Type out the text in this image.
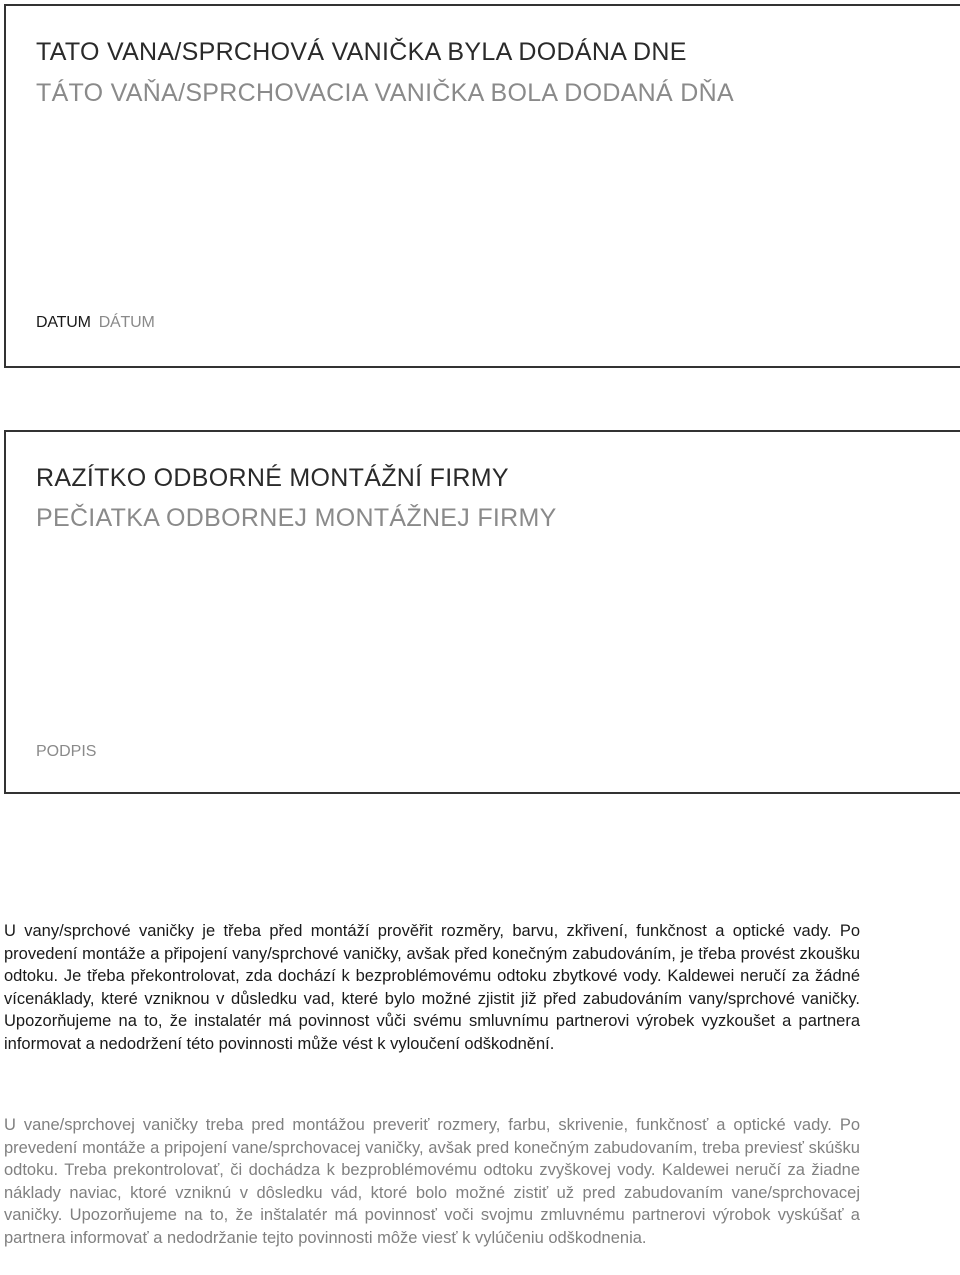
TATO VANA/SPRCHOVÁ VANIČKA BYLA DODÁNA DNE
TÁTO VAŇA/SPRCHOVACIA VANIČKA BOLA DODANÁ DŇA
DATUM DÁTUM
RAZÍTKO ODBORNÉ MONTÁŽNÍ FIRMY
PEČIATKA ODBORNEJ MONTÁŽNEJ FIRMY
PODPIS

U vany/sprchové vaničky je třeba před montáží prověřit rozměry, barvu, zkřivení, funkčnost a optické vady. Po provedení montáže a připojení vany/sprchové vaničky, avšak před konečným zabudováním, je třeba provést zkoušku odtoku. Je třeba překontrolovat, zda dochází k bezproblémovému odtoku zbytkové vody. Kaldewei neručí za žádné vícenáklady, které vzniknou v důsledku vad, které bylo možné zjistit již před zabudováním vany/sprchové vaničky. Upozorňujeme na to, že instalatér má povinnost vůči svému smluvnímu partnerovi výrobek vyzkoušet a partnera informovat a nedodržení této povinnosti může vést k vyloučení odškodnění.

U vane/sprchovej vaničky treba pred montážou preveriť rozmery, farbu, skrivenie, funkčnosť a optické vady. Po prevedení montáže a pripojení vane/sprchovacej vaničky, avšak pred konečným zabudovaním, treba previesť skúšku odtoku. Treba prekontrolovať, či dochádza k bezproblémovému odtoku zvyškovej vody. Kaldewei neručí za žiadne náklady naviac, ktoré vzniknú v dôsledku vád, ktoré bolo možné zistiť už pred zabudovaním vane/sprchovacej vaničky. Upozorňujeme na to, že inštalatér má povinnosť voči svojmu zmluvnému partnerovi výrobok vyskúšať a partnera informovať a nedodržanie tejto povinnosti môže viesť k vylúčeniu odškodnenia.
